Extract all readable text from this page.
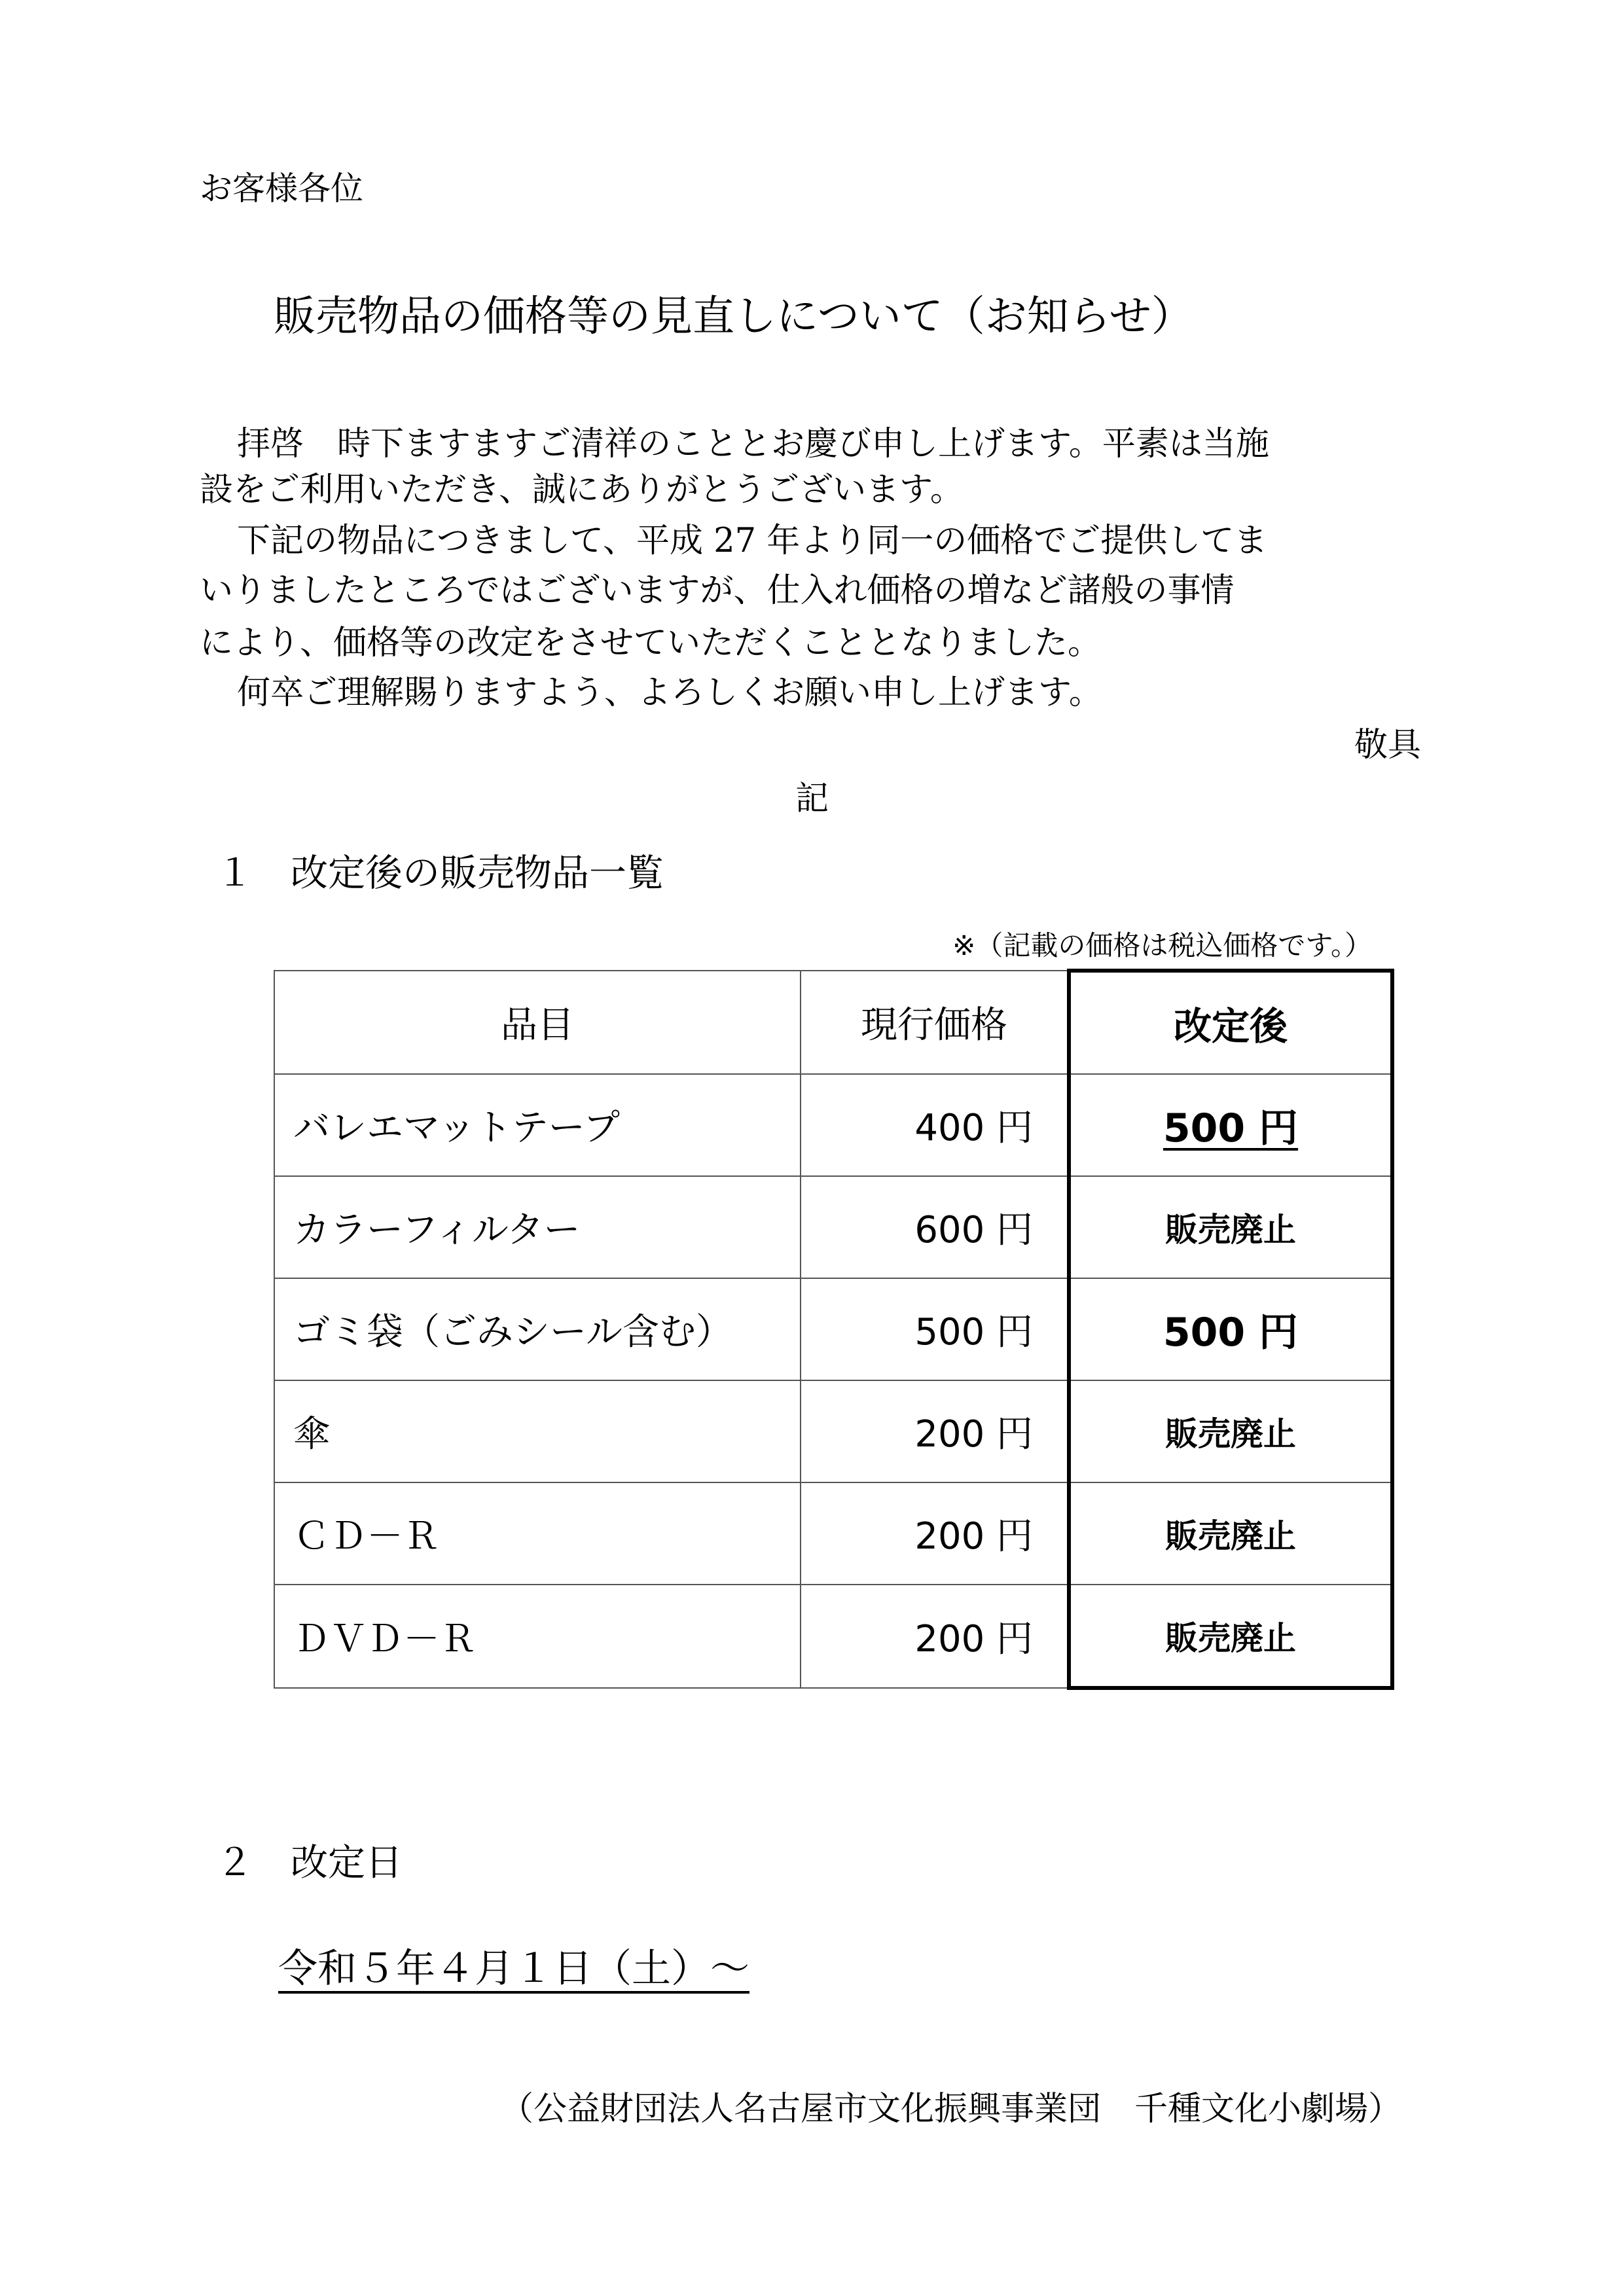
お客様各位
販売物品の価格等の見直しについて（お知らせ）
拝啓　時下ますますご清祥のこととお慶び申し上げます。平素は当施
設をご利用いただき、誠にありがとうございます。
下記の物品につきまして、平成 27 年より同一の価格でご提供してま
いりましたところではございますが、仕入れ価格の増など諸般の事情
により、価格等の改定をさせていただくこととなりました。
何卒ご理解賜りますよう、よろしくお願い申し上げます。
敬具
記
１　改定後の販売物品一覧
※（記載の価格は税込価格です。）
品目	現行価格	改定後
バレエマットテープ	400 円	500 円
カラーフィルター	600 円	販売廃止
ゴミ袋（ごみシール含む）	500 円	500 円
傘	200 円	販売廃止
ＣＤ－Ｒ	200 円	販売廃止
ＤＶＤ－Ｒ	200 円	販売廃止
２　改定日
令和５年４月１日（土）～
（公益財団法人名古屋市文化振興事業団　千種文化小劇場）
